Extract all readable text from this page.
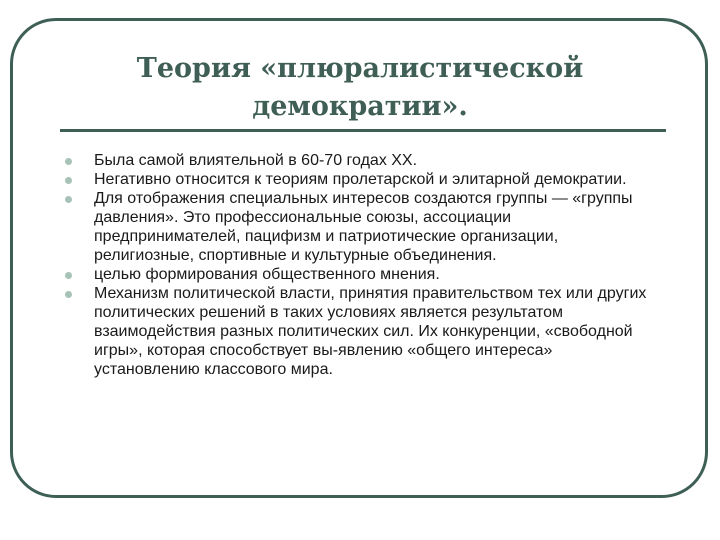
Теория «плюралистической демократии».
Была самой влиятельной в 60-70 годах ХХ.
Негативно относится к теориям пролетарской и элитарной демократии.
Для отображения специальных интересов создаются группы — «группы давления». Это профессиональные союзы, ассоциации предпринимателей, пацифизм и патриотические организации, религиозные, спортивные и культурные объединения.
целью формирования общественного мнения.
Механизм политической власти, принятия правительством тех или других политических решений в таких условиях является результатом взаимодействия разных политических сил. Их конкуренции, «свободной игры», которая способствует вы-явлению «общего интереса» установлению классового мира.
